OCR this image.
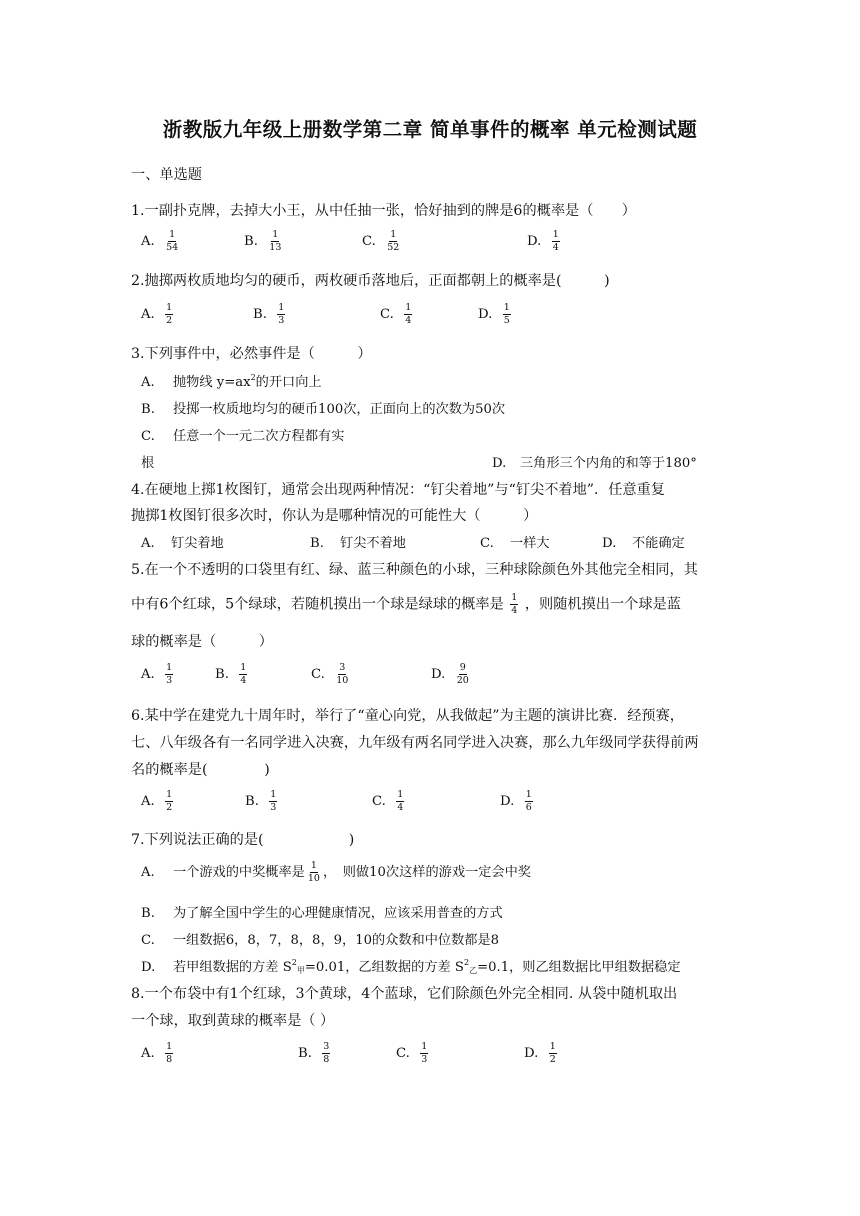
浙教版九年级上册数学第二章 简单事件的概率 单元检测试题
一、单选题
1.一副扑克牌，去掉大小王，从中任抽一张，恰好抽到的牌是6的概率是（　　）
A. $\frac{1}{54}$	B. $\frac{1}{13}$	C. $\frac{1}{52}$	D. $\frac{1}{4}$
2.抛掷两枚质地均匀的硬币，两枚硬币落地后，正面都朝上的概率是(　　　)
A. $\frac{1}{2}$	B. $\frac{1}{3}$	C. $\frac{1}{4}$	D. $\frac{1}{5}$
3.下列事件中，必然事件是（　　　）
A. 抛物线 $y=ax^2$的开口向上
B. 投掷一枚质地均匀的硬币100次，正面向上的次数为50次
C. 任意一个一元二次方程都有实
根	D. 三角形三个内角的和等于180°
4.在硬地上掷1枚图钉，通常会出现两种情况：“钉尖着地”与“钉尖不着地”．任意重复
抛掷1枚图钉很多次时，你认为是哪种情况的可能性大（　　　）
A. 钉尖着地	B. 钉尖不着地	C. 一样大	D. 不能确定
5.在一个不透明的口袋里有红、绿、蓝三种颜色的小球，三种球除颜色外其他完全相同，其
中有6个红球，5个绿球，若随机摸出一个球是绿球的概率是 $\frac{1}{4}$ ，则随机摸出一个球是蓝
球的概率是（　　　）
A. $\frac{1}{3}$	B. $\frac{1}{4}$	C. $\frac{3}{10}$	D. $\frac{9}{20}$
6.某中学在建党九十周年时，举行了“童心向党，从我做起”为主题的演讲比赛．经预赛，
七、八年级各有一名同学进入决赛，九年级有两名同学进入决赛，那么九年级同学获得前两
名的概率是(　　　　)
A. $\frac{1}{2}$	B. $\frac{1}{3}$	C. $\frac{1}{4}$	D. $\frac{1}{6}$
7.下列说法正确的是(　　　　　　)
A. 一个游戏的中奖概率是 $\frac{1}{10}$ ，　则做10次这样的游戏一定会中奖
B. 为了解全国中学生的心理健康情况，应该采用普查的方式
C. 一组数据6，8，7，8，8，9，10的众数和中位数都是8
D. 若甲组数据的方差 $S^2_甲=0.01$，乙组数据的方差 $S^2_乙=0.1$，则乙组数据比甲组数据稳定
8.一个布袋中有1个红球，3个黄球，4个蓝球，它们除颜色外完全相同. 从袋中随机取出
一个球，取到黄球的概率是（ ）
A. $\frac{1}{8}$	B. $\frac{3}{8}$	C. $\frac{1}{3}$	D. $\frac{1}{2}$
